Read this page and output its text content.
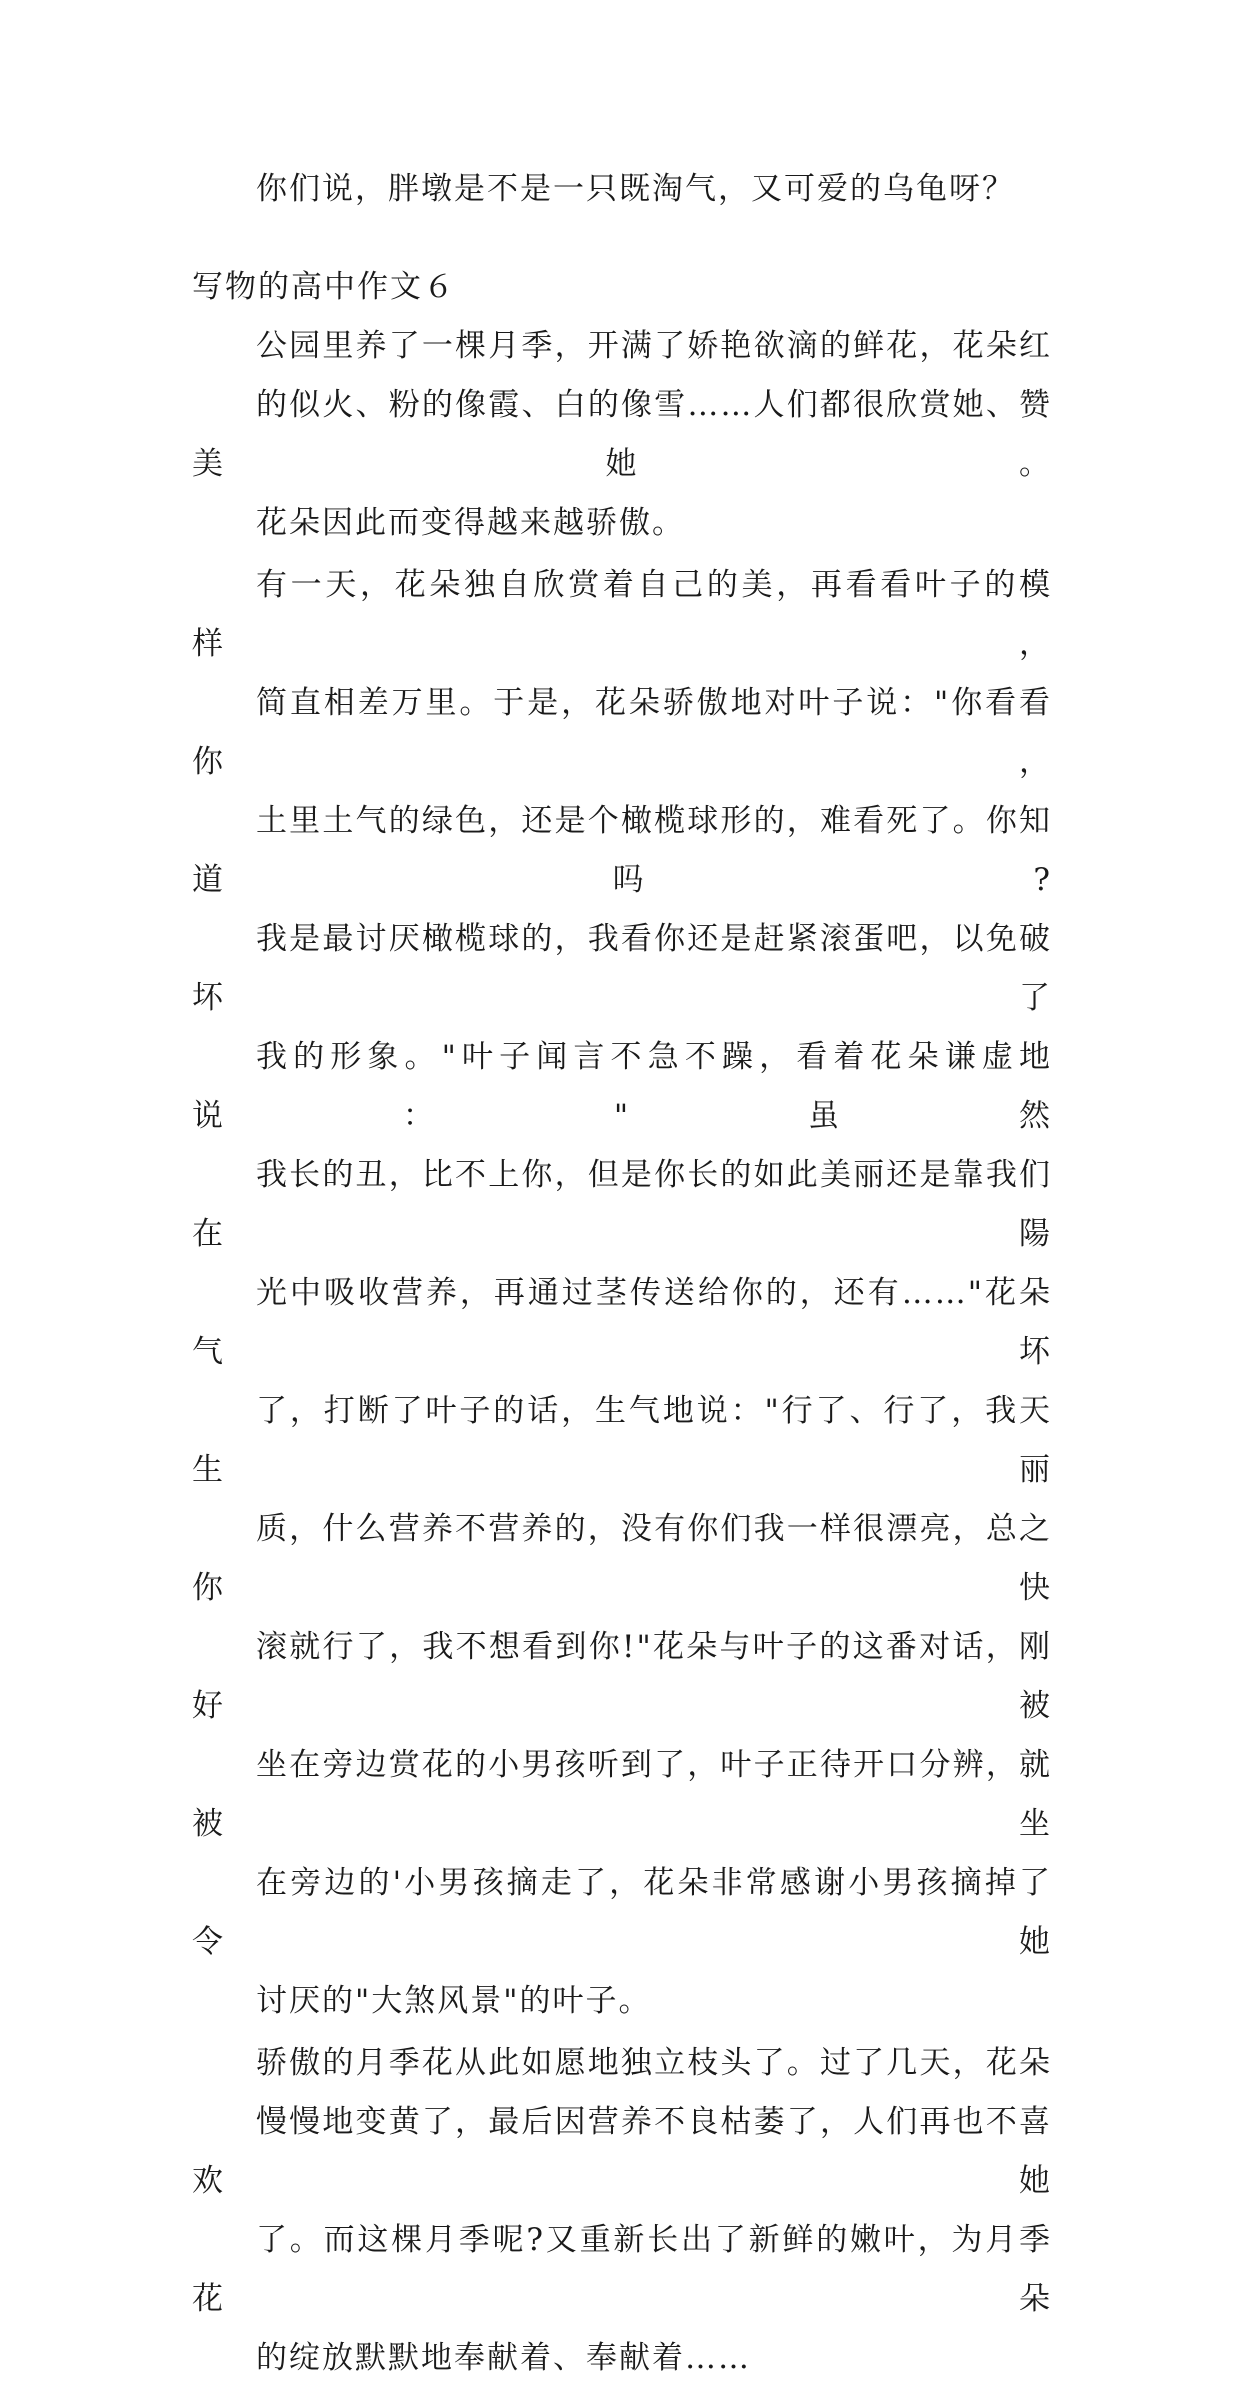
你们说，胖墩是不是一只既淘气，又可爱的乌龟呀？

写物的高中作文６

公园里养了一棵月季，开满了娇艳欲滴的鲜花，花朵红
的似火、粉的像霞、白的像雪……人们都很欣赏她、赞美她。
花朵因此而变得越来越骄傲。

有一天，花朵独自欣赏着自己的美，再看看叶子的模样，
简直相差万里。于是，花朵骄傲地对叶子说："你看看你，
土里土气的绿色，还是个橄榄球形的，难看死了。你知道吗?
我是最讨厌橄榄球的，我看你还是赶紧滚蛋吧，以免破坏了
我的形象。"叶子闻言不急不躁，看着花朵谦虚地说："虽然
我长的丑，比不上你，但是你长的如此美丽还是靠我们在陽
光中吸收营养，再通过茎传送给你的，还有……"花朵气坏
了，打断了叶子的话，生气地说："行了、行了，我天生丽
质，什么营养不营养的，没有你们我一样很漂亮，总之你快
滚就行了，我不想看到你!"花朵与叶子的这番对话，刚好被
坐在旁边赏花的小男孩听到了，叶子正待开口分辨，就被坐
在旁边的'小男孩摘走了，花朵非常感谢小男孩摘掉了令她
讨厌的"大煞风景"的叶子。

骄傲的月季花从此如愿地独立枝头了。过了几天，花朵
慢慢地变黄了，最后因营养不良枯萎了，人们再也不喜欢她
了。而这棵月季呢?又重新长出了新鲜的嫩叶，为月季花朵
的绽放默默地奉献着、奉献着……
